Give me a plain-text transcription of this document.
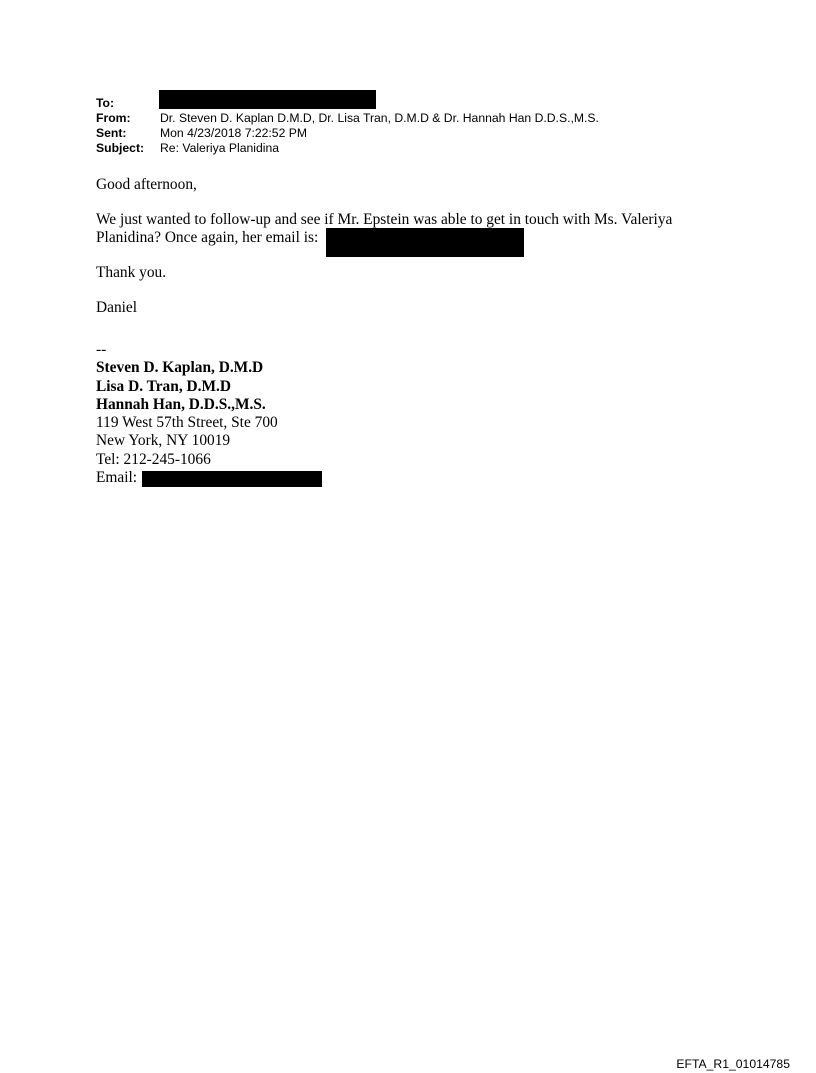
To:
From:	Dr. Steven D. Kaplan D.M.D, Dr. Lisa Tran, D.M.D & Dr. Hannah Han D.D.S.,M.S.
Sent:	Mon 4/23/2018 7:22:52 PM
Subject:	Re: Valeriya Planidina

Good afternoon,

We just wanted to follow-up and see if Mr. Epstein was able to get in touch with Ms. Valeriya

Planidina? Once again, her email is:

Thank you.

Daniel

--
Steven D. Kaplan, D.M.D
Lisa D. Tran, D.M.D
Hannah Han, D.D.S.,M.S.
119 West 57th Street, Ste 700
New York, NY 10019
Tel: 212-245-1066
Email:
EFTA_R1_01014785
